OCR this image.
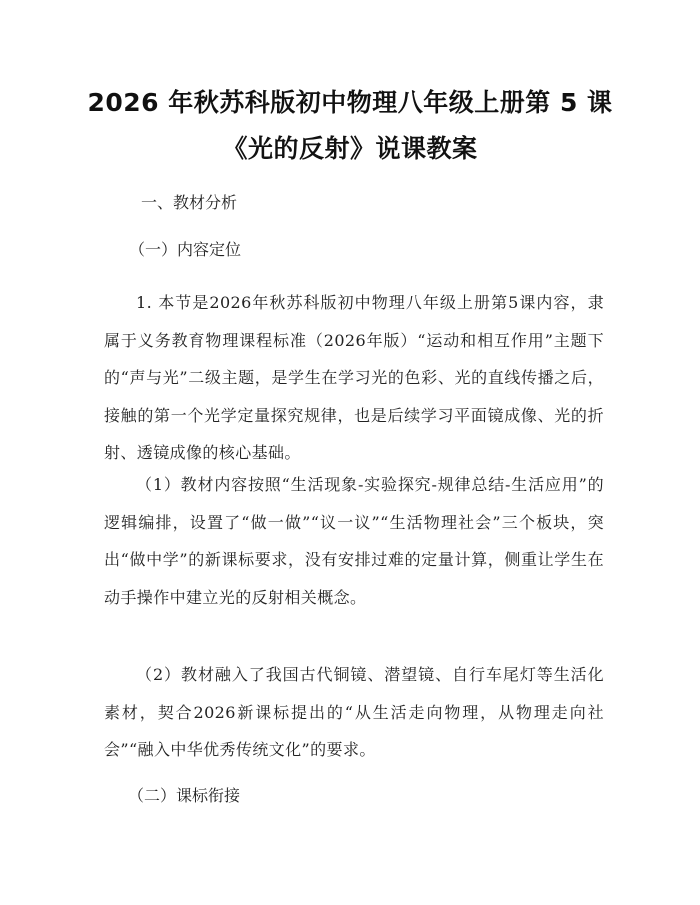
2026 年秋苏科版初中物理八年级上册第 5 课
《光的反射》说课教案
一、教材分析
（一）内容定位
1. 本节是2026年秋苏科版初中物理八年级上册第5课内容，隶属于义务教育物理课程标准（2026年版）“运动和相互作用”主题下的“声与光”二级主题，是学生在学习光的色彩、光的直线传播之后，接触的第一个光学定量探究规律，也是后续学习平面镜成像、光的折射、透镜成像的核心基础。
（1）教材内容按照“生活现象-实验探究-规律总结-生活应用”的逻辑编排，设置了“做一做”“议一议”“生活物理社会”三个板块，突出“做中学”的新课标要求，没有安排过难的定量计算，侧重让学生在动手操作中建立光的反射相关概念。
（2）教材融入了我国古代铜镜、潜望镜、自行车尾灯等生活化素材，契合2026新课标提出的“从生活走向物理，从物理走向社会”“融入中华优秀传统文化”的要求。
（二）课标衔接
